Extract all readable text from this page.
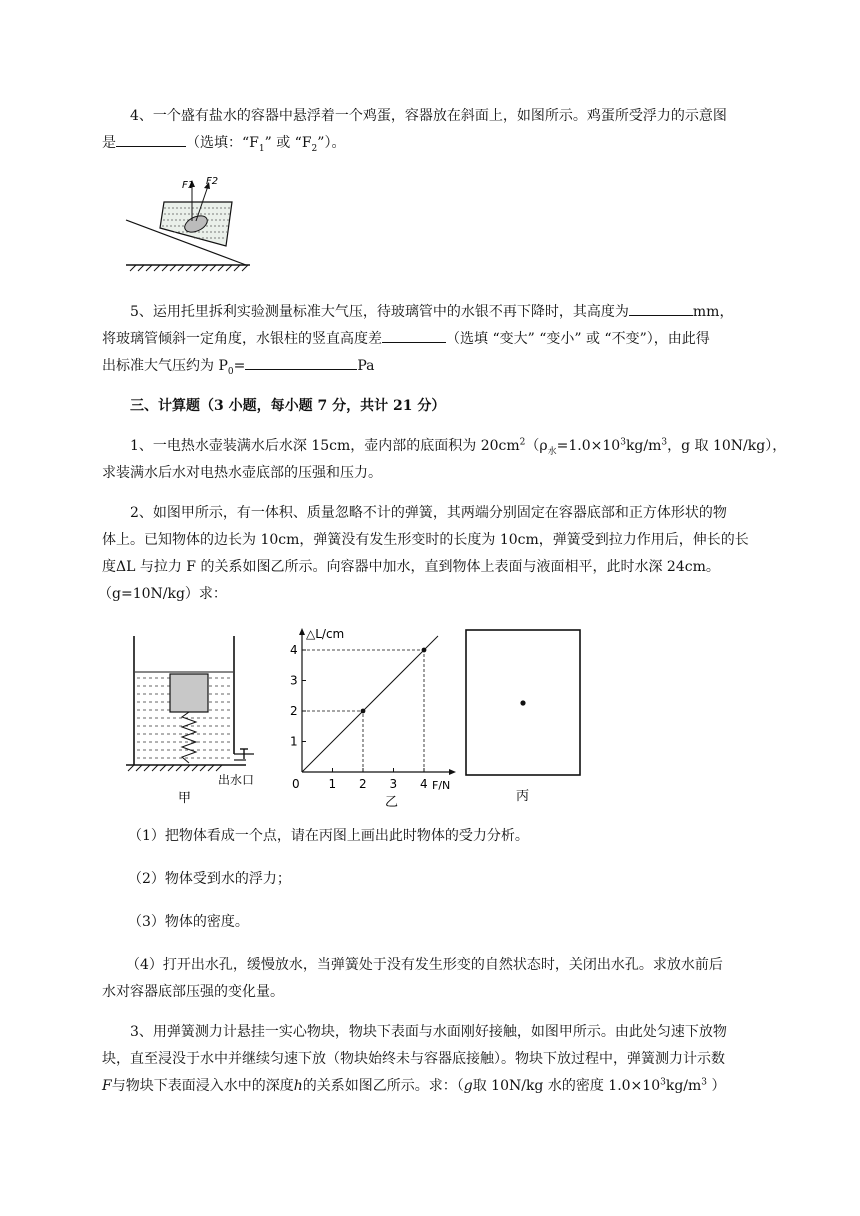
4、一个盛有盐水的容器中悬浮着一个鸡蛋，容器放在斜面上，如图所示。鸡蛋所受浮力的示意图

是	（选填：“$F_1$” 或 “$F_2$”）。

F1 F2

5、运用托里拆利实验测量标准大气压，待玻璃管中的水银不再下降时，其高度为	mm，

将玻璃管倾斜一定角度，水银柱的竖直高度差	（选填 “变大” “变小” 或 “不变”），由此得

出标准大气压约为 $P_0=$	Pa

三、计算题（3 小题，每小题 7 分，共计 21 分）

1、一电热水壶装满水后水深 15cm，壶内部的底面积为 $20cm^2(\rho_水=1.0\times 10^3kg/m^3$，g 取 10N/kg），

求装满水后水对电热水壶底部的压强和压力。

2、如图甲所示，有一体积、质量忽略不计的弹簧，其两端分别固定在容器底部和正方体形状的物

体上。已知物体的边长为 10cm，弹簧没有发生形变时的长度为 10cm，弹簧受到拉力作用后，伸长的长

度ΔL 与拉力 F 的关系如图乙所示。向容器中加水，直到物体上表面与液面相平，此时水深 24cm。

（g=10N/kg）求：

出水口
甲
△L/cm
F/N
0 1 2 3 4
1
2
3
4
乙	丙

（1）把物体看成一个点，请在丙图上画出此时物体的受力分析。

（2）物体受到水的浮力；

（3）物体的密度。

（4）打开出水孔，缓慢放水，当弹簧处于没有发生形变的自然状态时，关闭出水孔。求放水前后

水对容器底部压强的变化量。

3、用弹簧测力计悬挂一实心物块，物块下表面与水面刚好接触，如图甲所示。由此处匀速下放物

块，直至浸没于水中并继续匀速下放（物块始终未与容器底接触）。物块下放过程中，弹簧测力计示数

F与物块下表面浸入水中的深度h的关系如图乙所示。求：（g取 10N/kg 水的密度 $1.0\times 10^3kg/m^3$ ）
